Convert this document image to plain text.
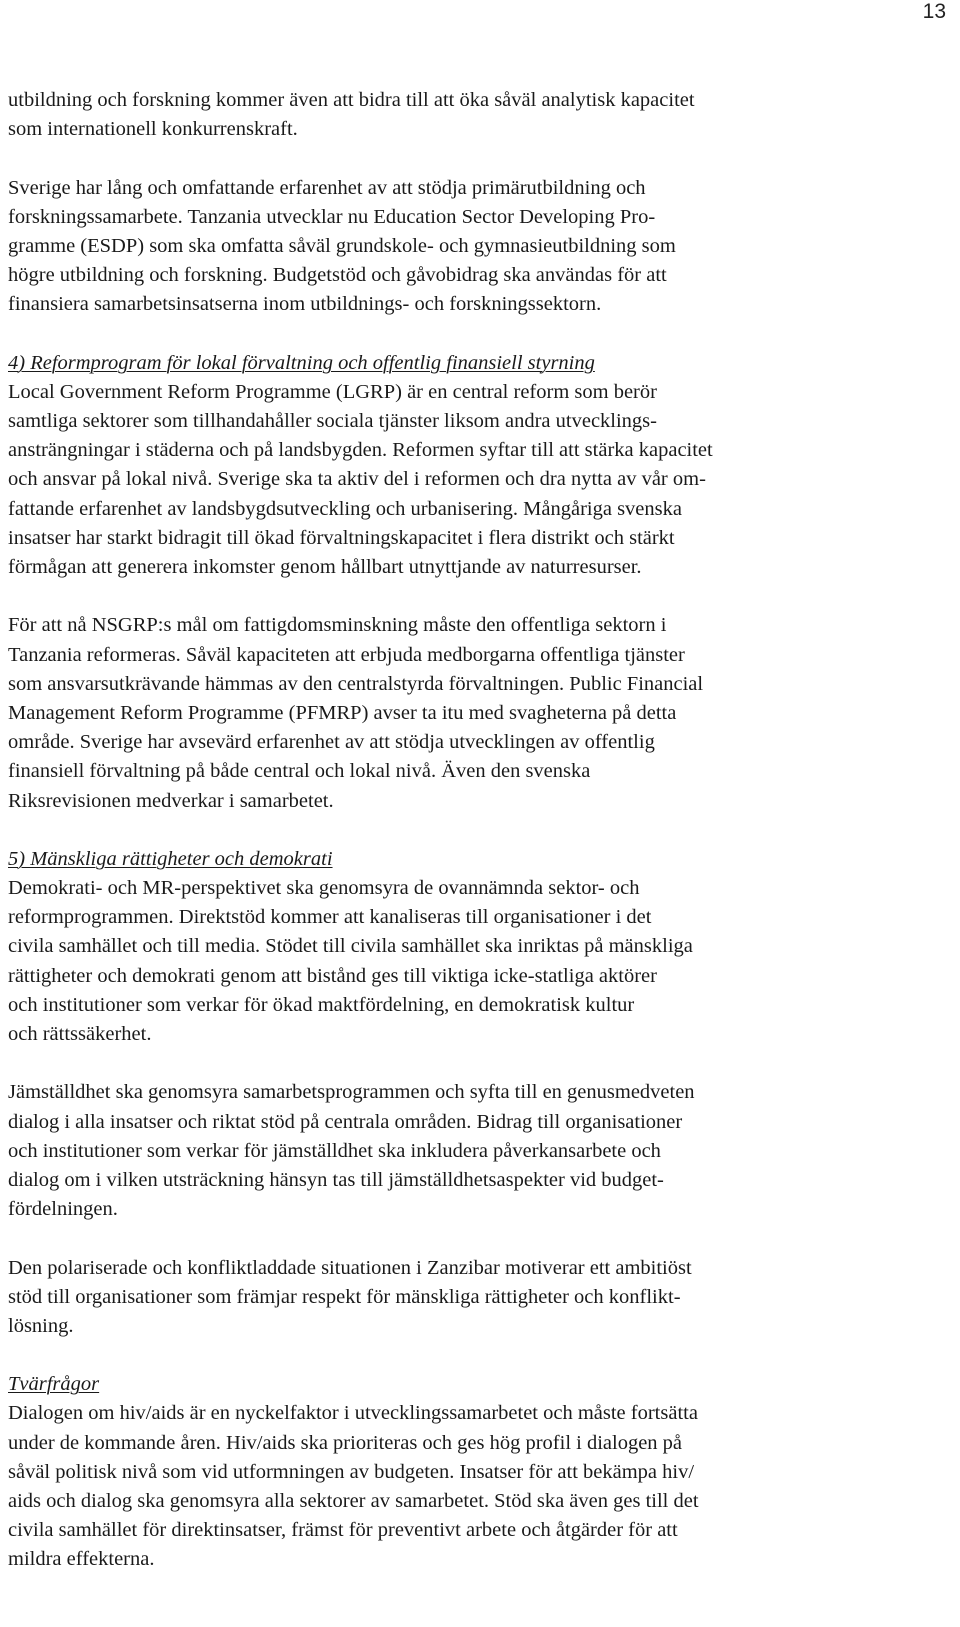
13
utbildning och forskning kommer även att bidra till att öka såväl analytisk kapacitet
som internationell konkurrenskraft.
Sverige har lång och omfattande erfarenhet av att stödja primärutbildning och
forskningssamarbete. Tanzania utvecklar nu Education Sector Developing Pro-
gramme (ESDP) som ska omfatta såväl grundskole- och gymnasieutbildning som
högre utbildning och forskning. Budgetstöd och gåvobidrag ska användas för att
finansiera samarbetsinsatserna inom utbildnings- och forskningssektorn.
4) Reformprogram för lokal förvaltning och offentlig finansiell styrning
Local Government Reform Programme (LGRP) är en central reform som berör
samtliga sektorer som tillhandahåller sociala tjänster liksom andra utvecklings-
ansträngningar i städerna och på landsbygden. Reformen syftar till att stärka kapacitet
och ansvar på lokal nivå. Sverige ska ta aktiv del i reformen och dra nytta av vår om-
fattande erfarenhet av landsbygdsutveckling och urbanisering. Mångåriga svenska
insatser har starkt bidragit till ökad förvaltningskapacitet i flera distrikt och stärkt
förmågan att generera inkomster genom hållbart utnyttjande av naturresurser.
För att nå NSGRP:s mål om fattigdomsminskning måste den offentliga sektorn i
Tanzania reformeras. Såväl kapaciteten att erbjuda medborgarna offentliga tjänster
som ansvarsutkrävande hämmas av den centralstyrda förvaltningen. Public Financial
Management Reform Programme (PFMRP) avser ta itu med svagheterna på detta
område. Sverige har avsevärd erfarenhet av att stödja utvecklingen av offentlig
finansiell förvaltning på både central och lokal nivå. Även den svenska
Riksrevisionen medverkar i samarbetet.
5) Mänskliga rättigheter och demokrati
Demokrati- och MR-perspektivet ska genomsyra de ovannämnda sektor- och
reformprogrammen. Direktstöd kommer att kanaliseras till organisationer i det
civila samhället och till media. Stödet till civila samhället ska inriktas på mänskliga
rättigheter och demokrati genom att bistånd ges till viktiga icke-statliga aktörer
och institutioner som verkar för ökad maktfördelning, en demokratisk kultur
och rättssäkerhet.
Jämställdhet ska genomsyra samarbetsprogrammen och syfta till en genusmedveten
dialog i alla insatser och riktat stöd på centrala områden. Bidrag till organisationer
och institutioner som verkar för jämställdhet ska inkludera påverkansarbete och
dialog om i vilken utsträckning hänsyn tas till jämställdhetsaspekter vid budget-
fördelningen.
Den polariserade och konfliktladdade situationen i Zanzibar motiverar ett ambitiöst
stöd till organisationer som främjar respekt för mänskliga rättigheter och konflikt-
lösning.
Tvärfrågor
Dialogen om hiv/aids är en nyckelfaktor i utvecklingssamarbetet och måste fortsätta
under de kommande åren. Hiv/aids ska prioriteras och ges hög profil i dialogen på
såväl politisk nivå som vid utformningen av budgeten. Insatser för att bekämpa hiv/
aids och dialog ska genomsyra alla sektorer av samarbetet. Stöd ska även ges till det
civila samhället för direktinsatser, främst för preventivt arbete och åtgärder för att
mildra effekterna.
